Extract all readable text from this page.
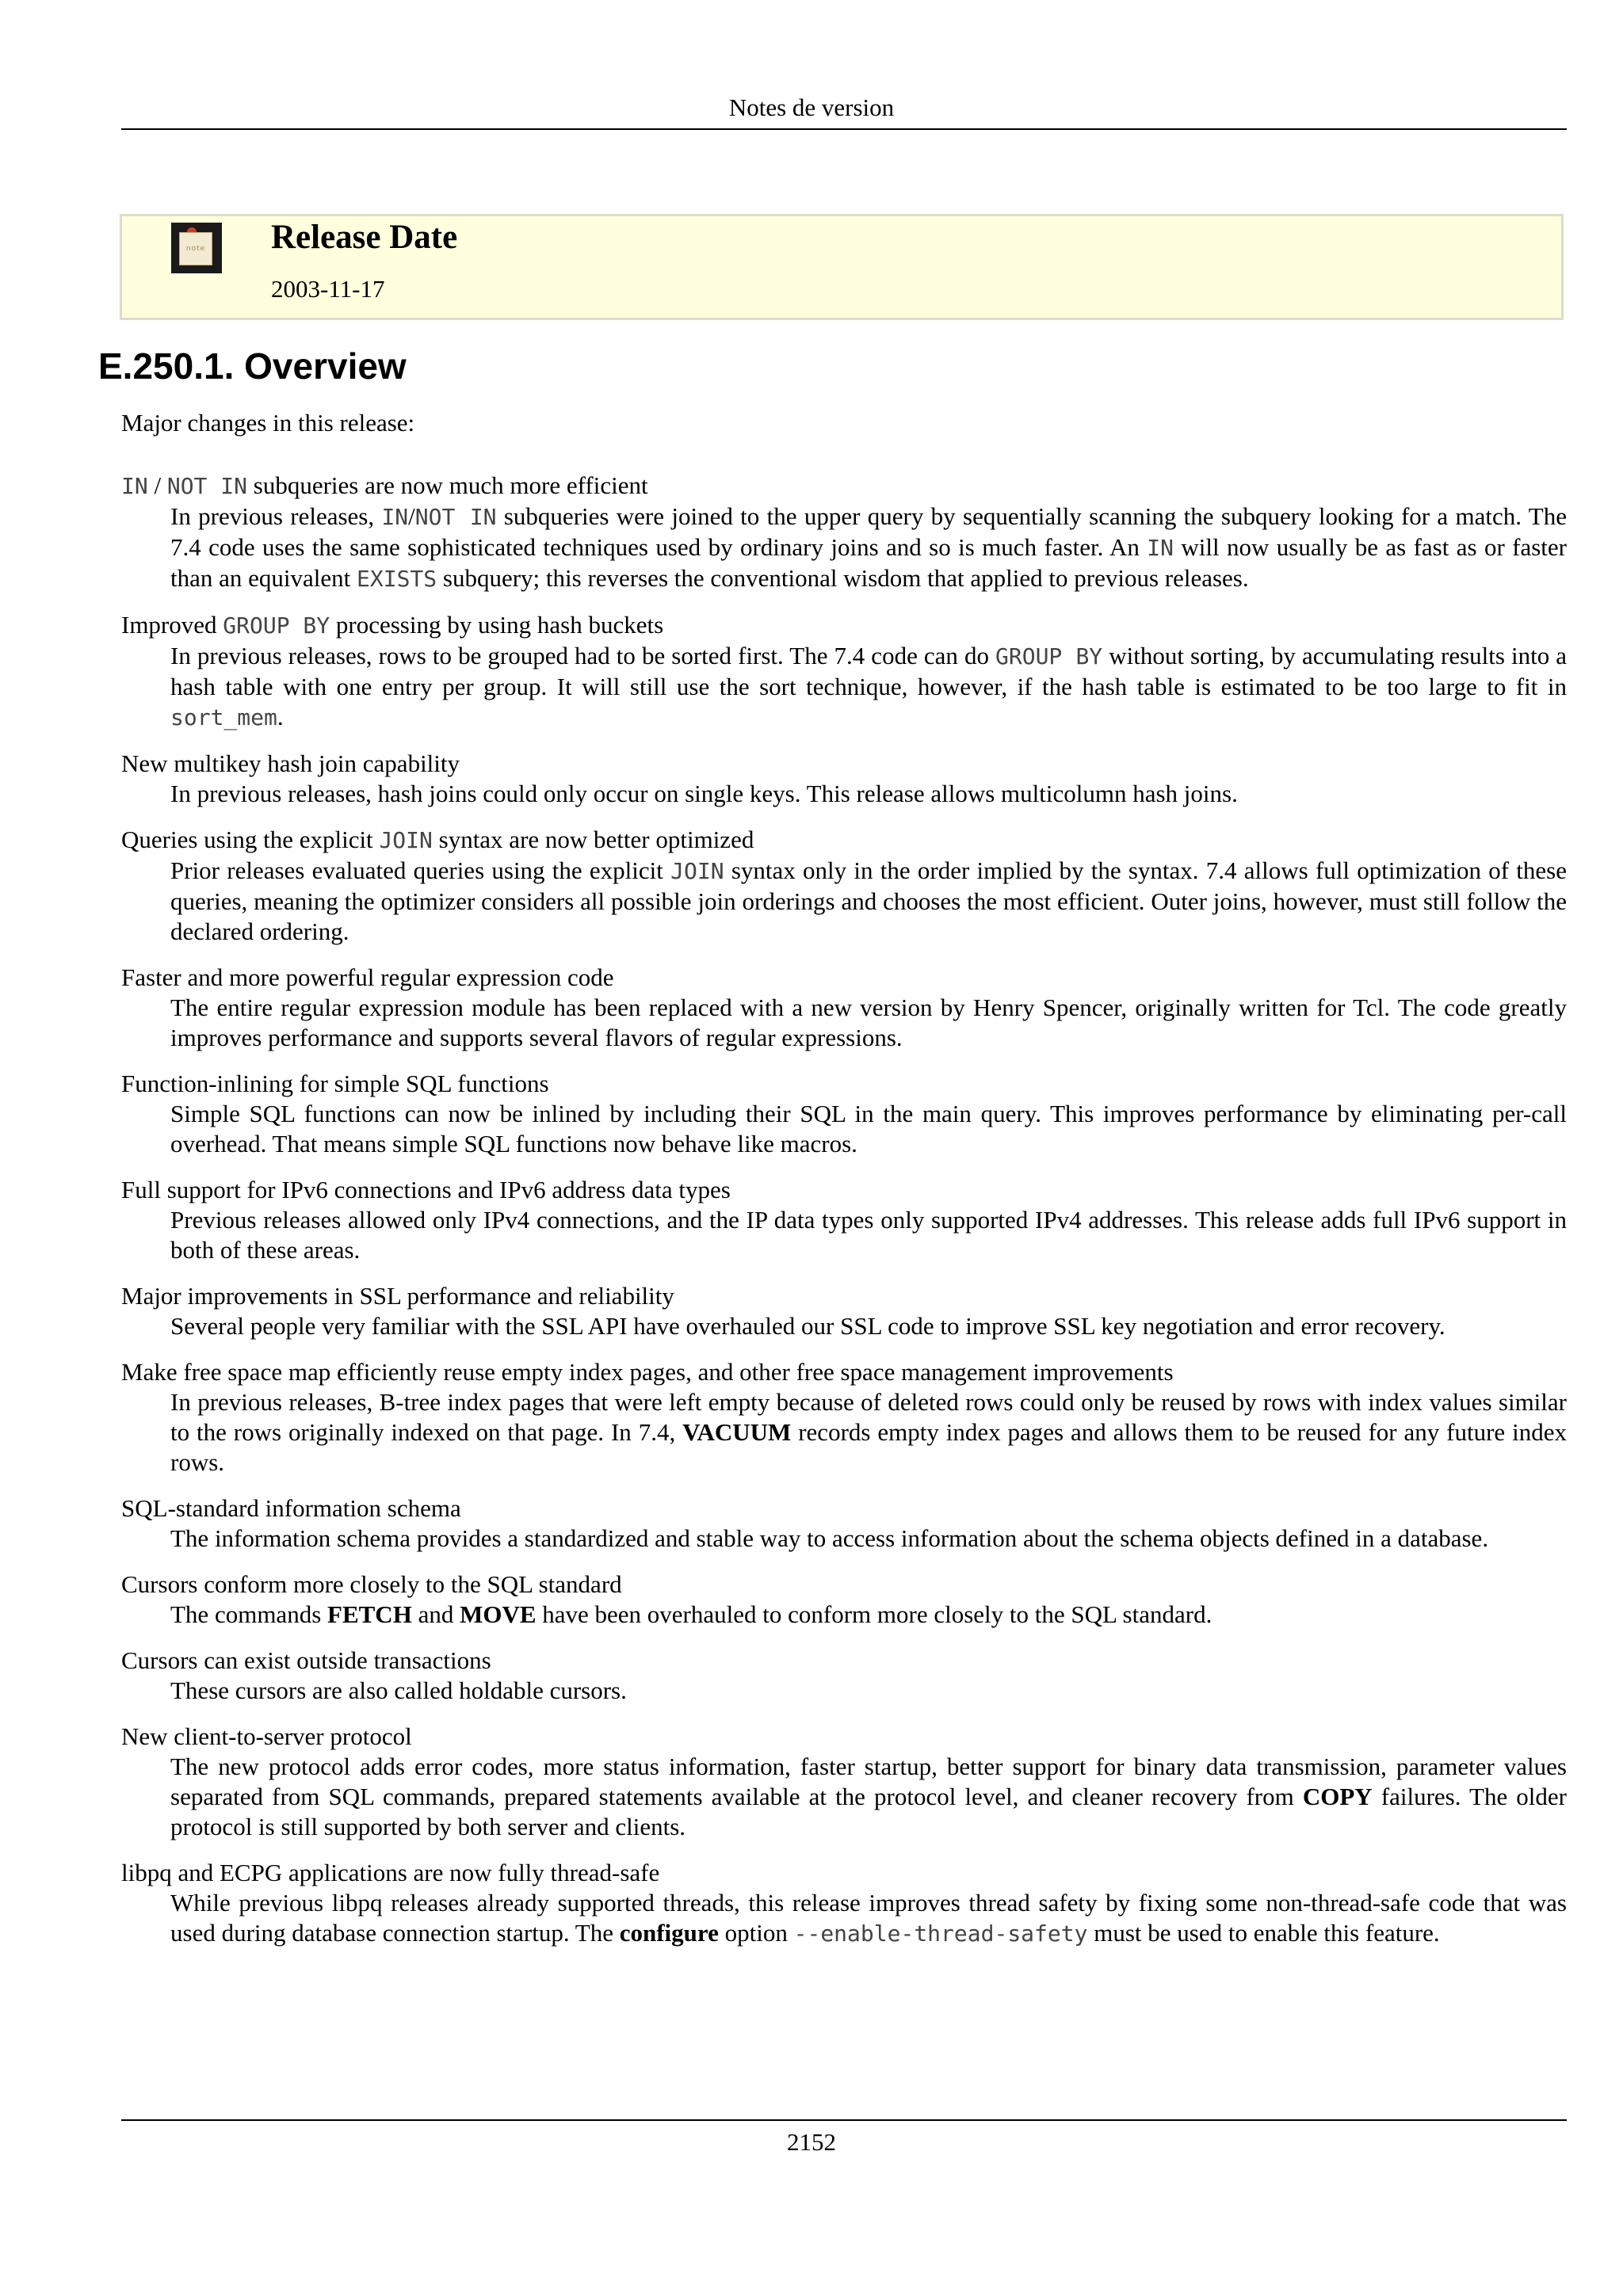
Notes de version
note Release Date
2003-11-17
E.250.1. Overview
Major changes in this release:
IN / NOT IN subqueries are now much more efficient
In previous releases, IN/NOT IN subqueries were joined to the upper query by sequentially scanning the subquery looking for a match. The 7.4 code uses the same sophisticated techniques used by ordinary joins and so is much faster. An IN will now usually be as fast as or faster than an equivalent EXISTS subquery; this reverses the conventional wisdom that applied to previous releases.
Improved GROUP BY processing by using hash buckets
In previous releases, rows to be grouped had to be sorted first. The 7.4 code can do GROUP BY without sorting, by accumulating results into a hash table with one entry per group. It will still use the sort technique, however, if the hash table is estimated to be too large to fit in sort_mem.
New multikey hash join capability
In previous releases, hash joins could only occur on single keys. This release allows multicolumn hash joins.
Queries using the explicit JOIN syntax are now better optimized
Prior releases evaluated queries using the explicit JOIN syntax only in the order implied by the syntax. 7.4 allows full optimization of these queries, meaning the optimizer considers all possible join orderings and chooses the most efficient. Outer joins, however, must still follow the declared ordering.
Faster and more powerful regular expression code
The entire regular expression module has been replaced with a new version by Henry Spencer, originally written for Tcl. The code greatly improves performance and supports several flavors of regular expressions.
Function-inlining for simple SQL functions
Simple SQL functions can now be inlined by including their SQL in the main query. This improves performance by eliminating per-call overhead. That means simple SQL functions now behave like macros.
Full support for IPv6 connections and IPv6 address data types
Previous releases allowed only IPv4 connections, and the IP data types only supported IPv4 addresses. This release adds full IPv6 support in both of these areas.
Major improvements in SSL performance and reliability
Several people very familiar with the SSL API have overhauled our SSL code to improve SSL key negotiation and error recovery.
Make free space map efficiently reuse empty index pages, and other free space management improvements
In previous releases, B-tree index pages that were left empty because of deleted rows could only be reused by rows with index values similar to the rows originally indexed on that page. In 7.4, VACUUM records empty index pages and allows them to be reused for any future index rows.
SQL-standard information schema
The information schema provides a standardized and stable way to access information about the schema objects defined in a database.
Cursors conform more closely to the SQL standard
The commands FETCH and MOVE have been overhauled to conform more closely to the SQL standard.
Cursors can exist outside transactions
These cursors are also called holdable cursors.
New client-to-server protocol
The new protocol adds error codes, more status information, faster startup, better support for binary data transmission, parameter values separated from SQL commands, prepared statements available at the protocol level, and cleaner recovery from COPY failures. The older protocol is still supported by both server and clients.
libpq and ECPG applications are now fully thread-safe
While previous libpq releases already supported threads, this release improves thread safety by fixing some non-thread-safe code that was used during database connection startup. The configure option --enable-thread-safety must be used to enable this feature.
2152
